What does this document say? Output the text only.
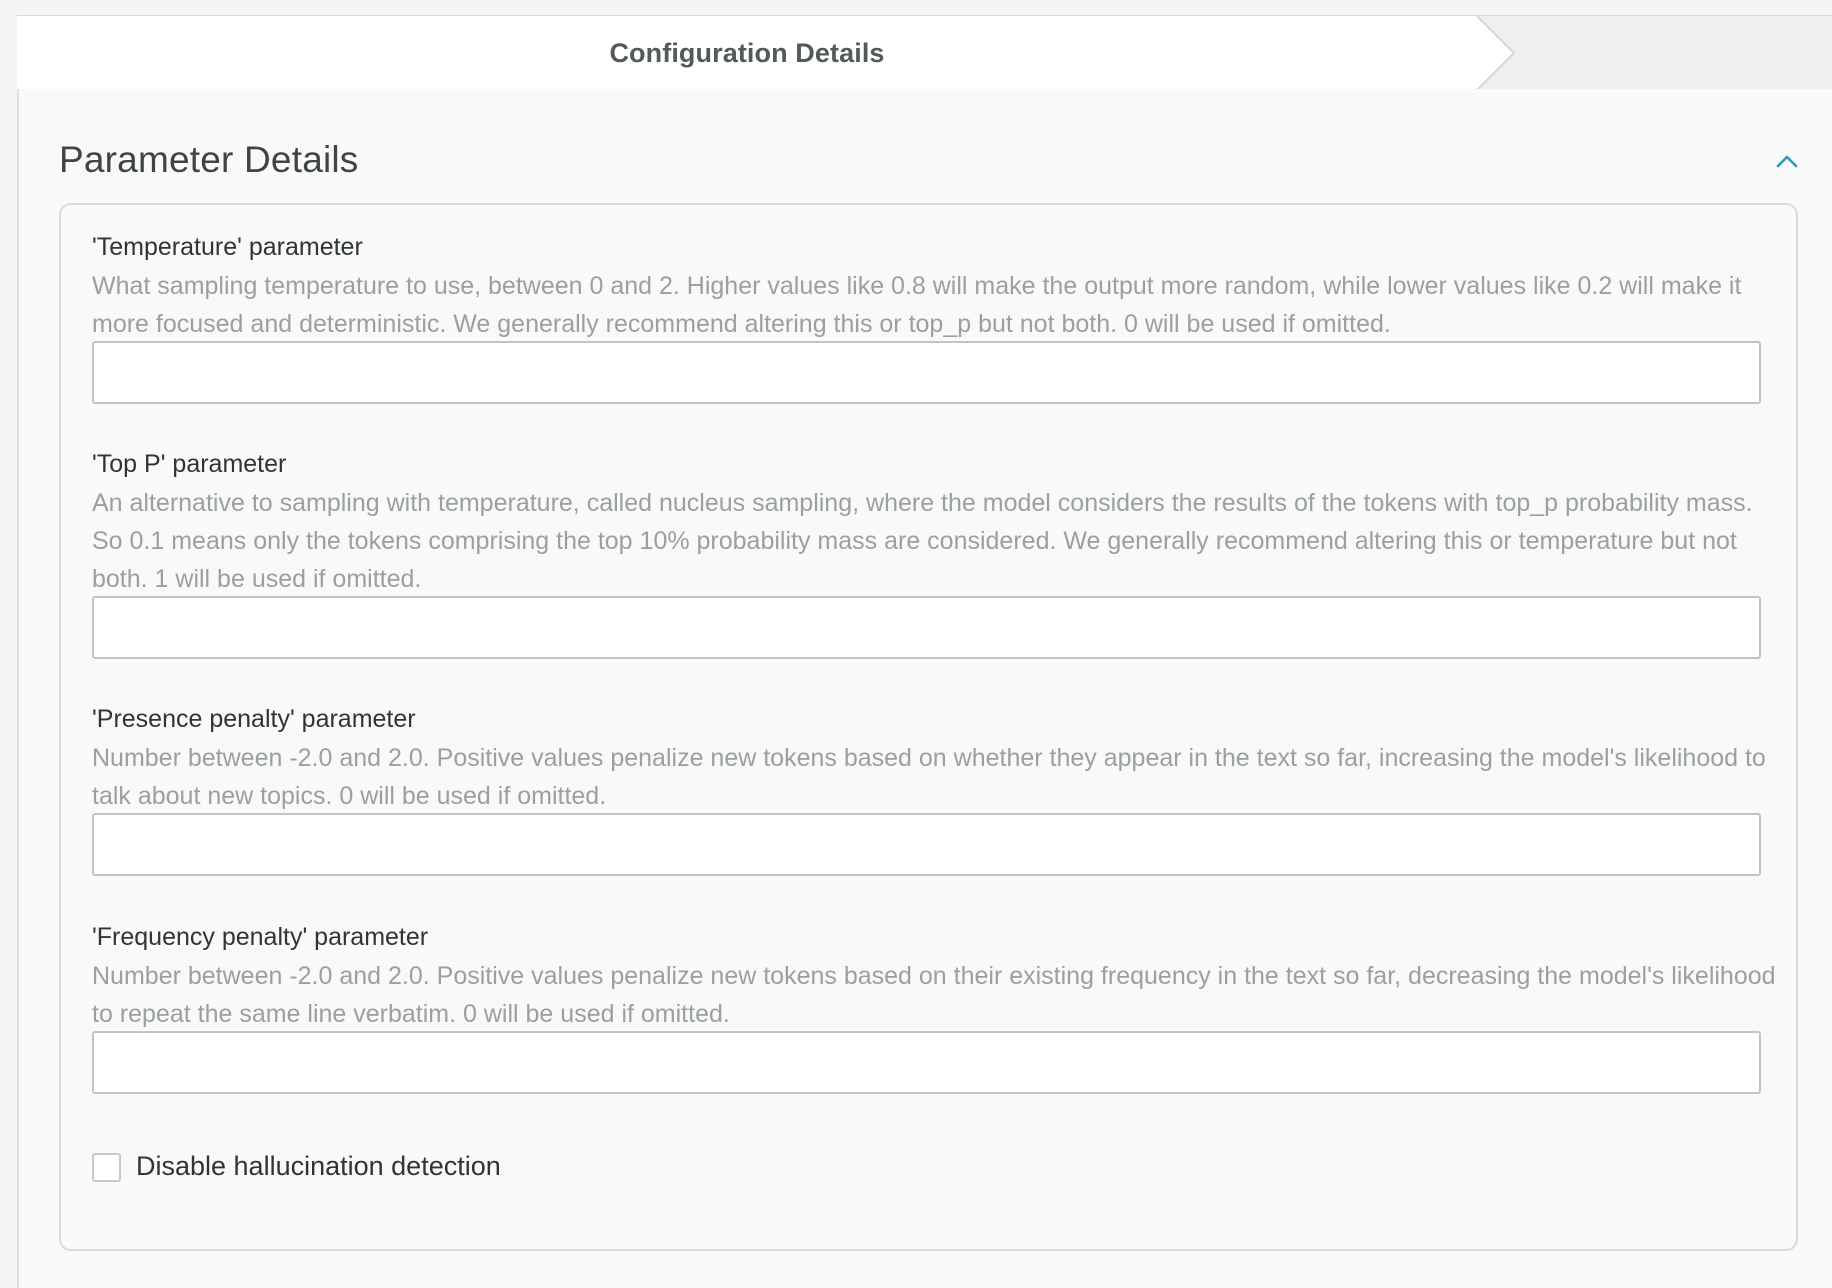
Configuration Details
Parameter Details
'Temperature' parameter
What sampling temperature to use, between 0 and 2. Higher values like 0.8 will make the output more random, while lower values like 0.2 will make it more focused and deterministic. We generally recommend altering this or top_p but not both. 0 will be used if omitted.
'Top P' parameter
An alternative to sampling with temperature, called nucleus sampling, where the model considers the results of the tokens with top_p probability mass. So 0.1 means only the tokens comprising the top 10% probability mass are considered. We generally recommend altering this or temperature but not both. 1 will be used if omitted.
'Presence penalty' parameter
Number between -2.0 and 2.0. Positive values penalize new tokens based on whether they appear in the text so far, increasing the model's likelihood to talk about new topics. 0 will be used if omitted.
'Frequency penalty' parameter
Number between -2.0 and 2.0. Positive values penalize new tokens based on their existing frequency in the text so far, decreasing the model's likelihood to repeat the same line verbatim. 0 will be used if omitted.
Disable hallucination detection
